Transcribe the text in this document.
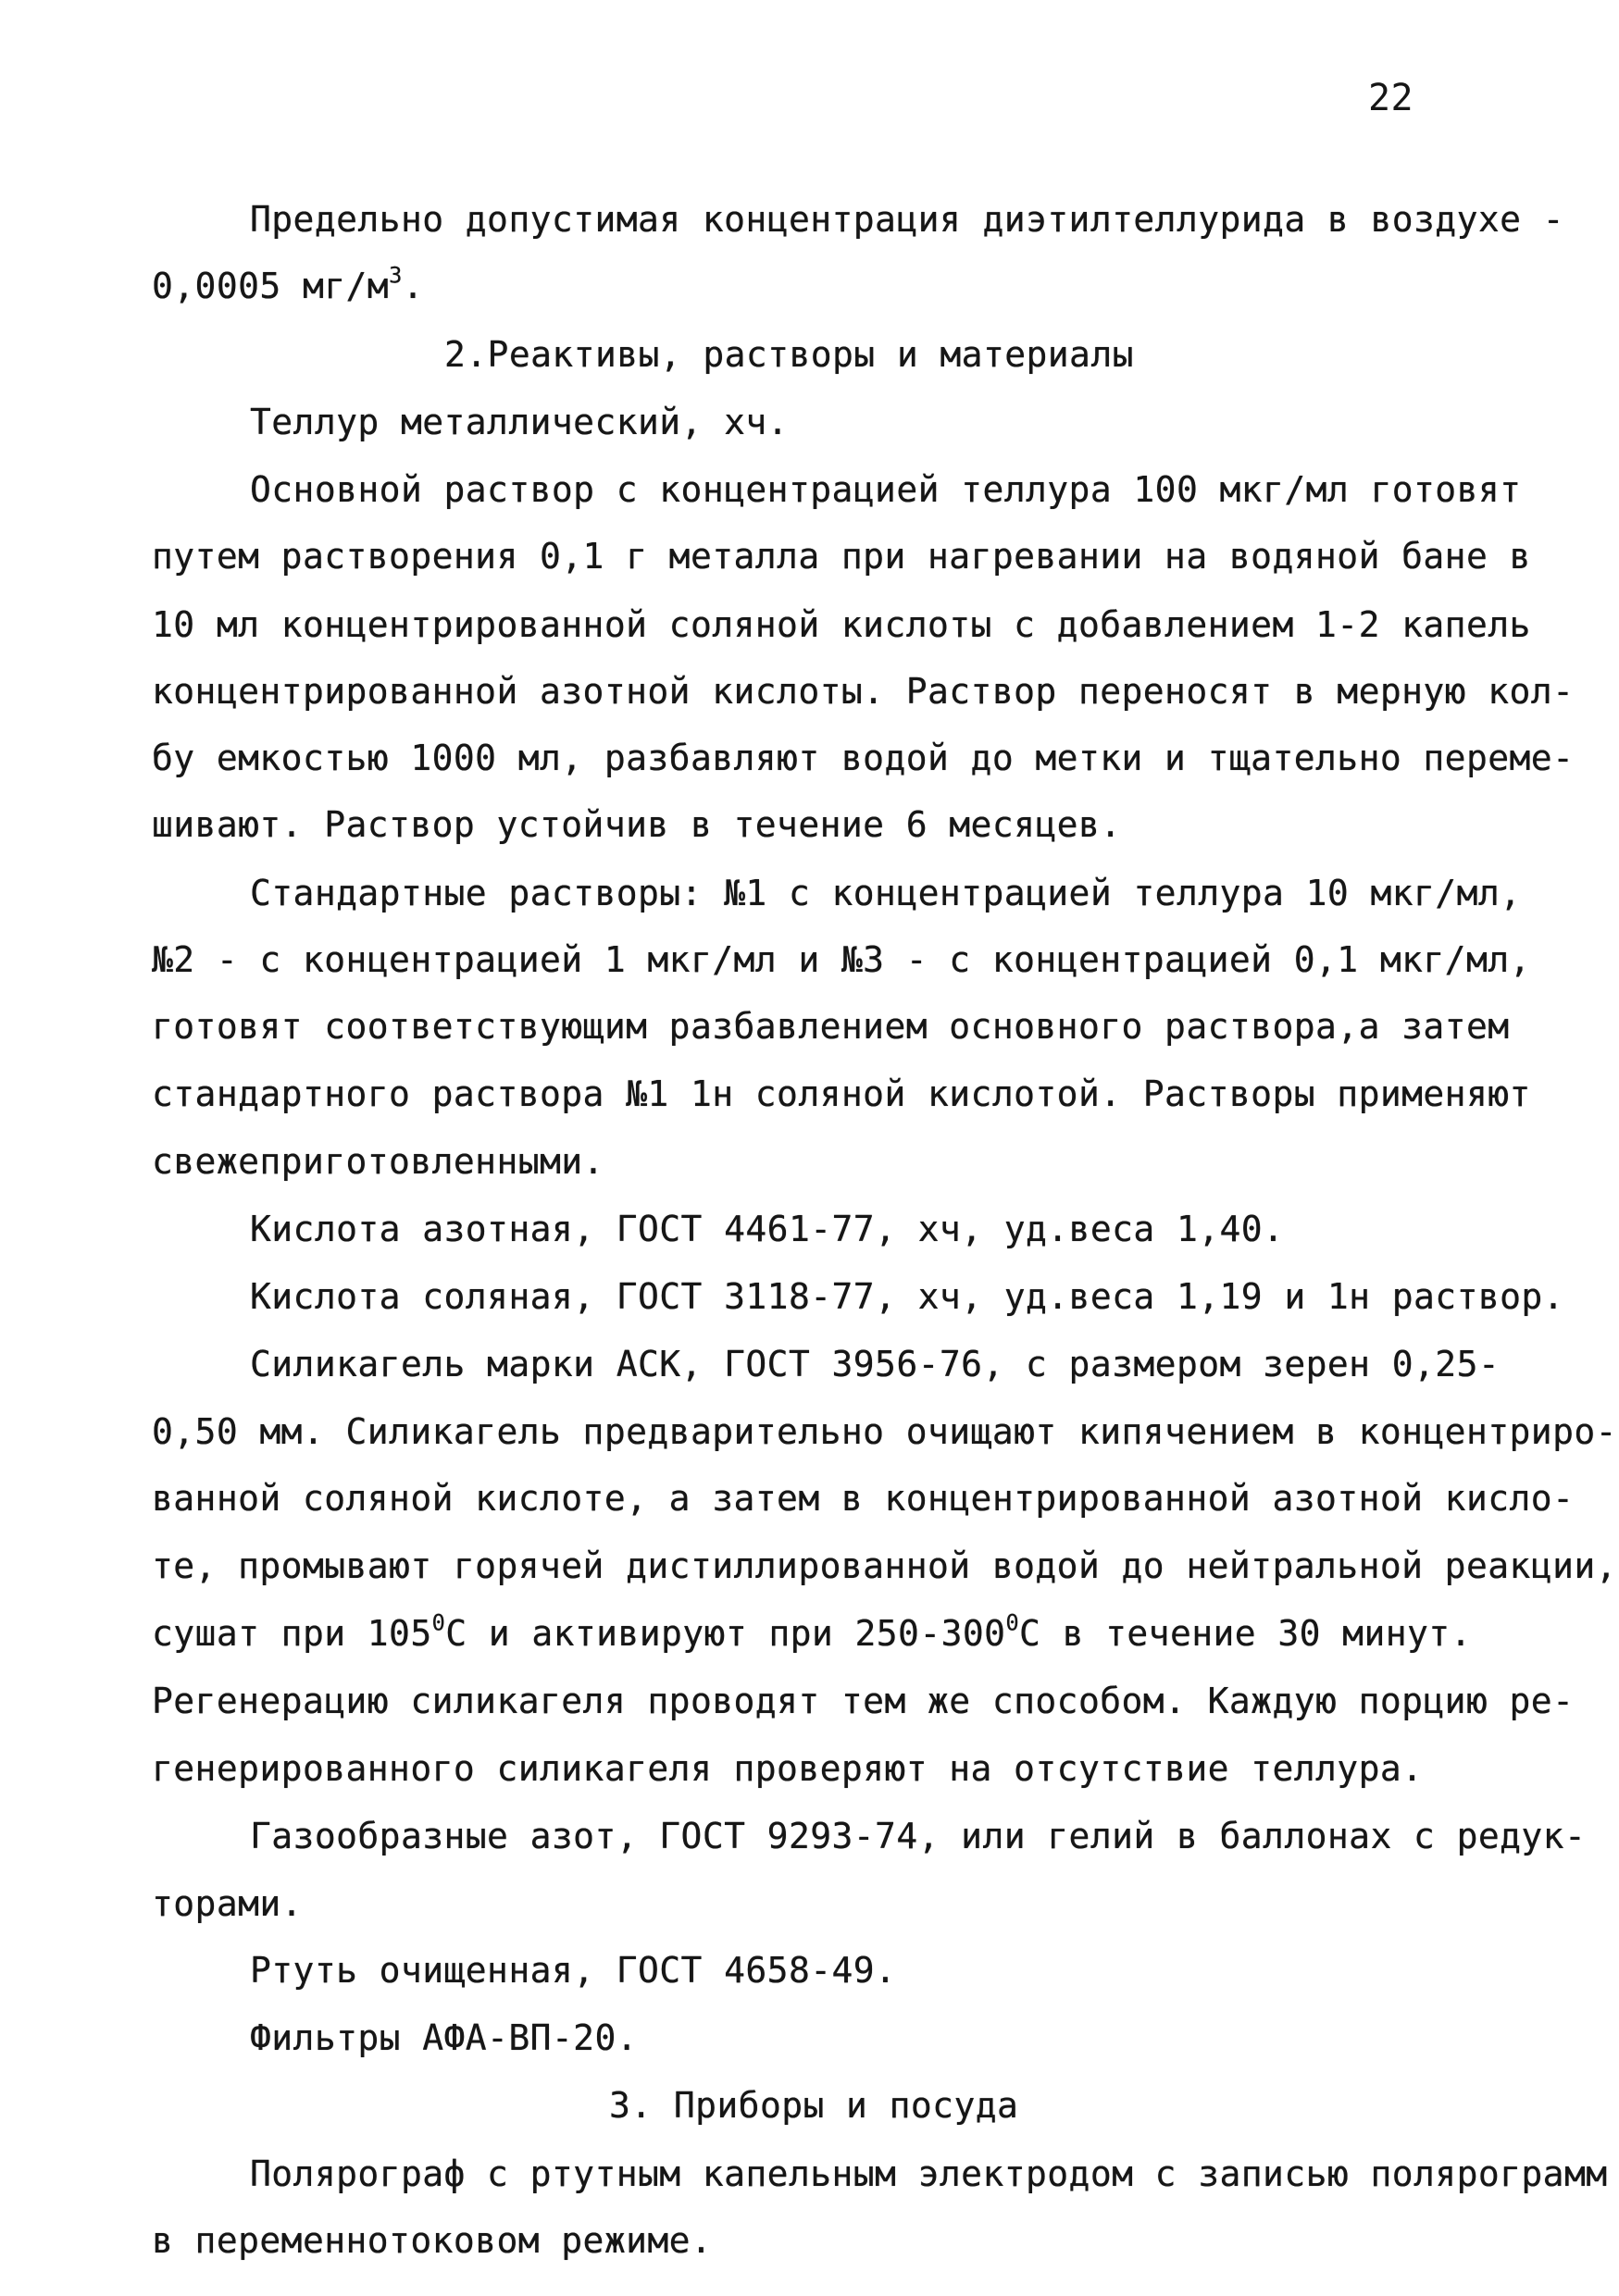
22

Предельно допустимая концентрация диэтилтеллурида в воздухе -

0,0005 $мг/м^3$.

2.Реактивы, растворы и материалы

Теллур металлический, хч.

Основной раствор с концентрацией теллура 100 мкг/мл готовят

путем растворения 0,1 г металла при нагревании на водяной бане в

10 мл концентрированной соляной кислоты с добавлением 1-2 капель

концентрированной азотной кислоты. Раствор переносят в мерную кол-

бу емкостью 1000 мл, разбавляют водой до метки и тщательно переме-

шивают. Раствор устойчив в течение 6 месяцев.

Стандартные растворы: №1 с концентрацией теллура 10 мкг/мл,

№2 - с концентрацией 1 мкг/мл и №3 - с концентрацией 0,1 мкг/мл,

готовят соответствующим разбавлением основного раствора,а затем

стандартного раствора №1 1н соляной кислотой. Растворы применяют

свежеприготовленными.

Кислота азотная, ГОСТ 4461-77, хч, уд.веса 1,40.

Кислота соляная, ГОСТ 3118-77, хч, уд.веса 1,19 и 1н раствор.

Силикагель марки АСК, ГОСТ 3956-76, с размером зерен 0,25-

0,50 мм. Силикагель предварительно очищают кипячением в концентриро-

ванной соляной кислоте, а затем в концентрированной азотной кисло-

те, промывают горячей дистиллированной водой до нейтральной реакции,

сушат при $105^0С$ и активируют при $250-300^0С$ в течение 30 минут.

Регенерацию силикагеля проводят тем же способом. Каждую порцию ре-

генерированного силикагеля проверяют на отсутствие теллура.

Газообразные азот, ГОСТ 9293-74, или гелий в баллонах с редук-

торами.

Ртуть очищенная, ГОСТ 4658-49.

Фильтры АФА-ВП-20.

3. Приборы и посуда

Полярограф с ртутным капельным электродом с записью полярограмм

в переменнотоковом режиме.
